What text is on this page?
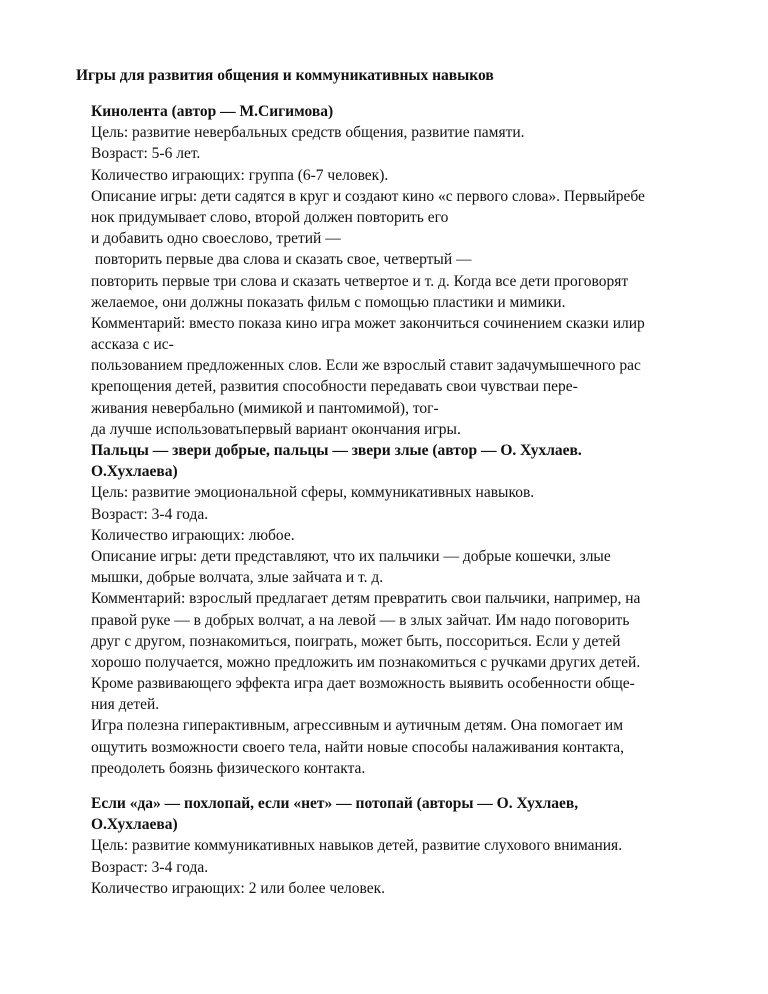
Игры для развития общения и коммуникативных навыков
Кинолента (автор — М.Сигимова)
Цель: развитие невербальных средств общения, развитие памяти.
Возраст: 5-6 лет.
Количество играющих: группа (6-7 человек).
Описание игры: дети садятся в круг и создают кино «с первого слова». Первыйребе
нок придумывает слово, второй должен повторить его
и добавить одно своеслово, третий —
повторить первые два слова и сказать свое, четвертый —
повторить первые три слова и сказать четвертое и т. д. Когда все дети проговорят
желаемое, они должны показать фильм с помощью пластики и мимики.
Комментарий: вместо показа кино игра может закончиться сочинением сказки илир
ассказа с ис-
пользованием предложенных слов. Если же взрослый ставит задачумышечного рас
крепощения детей, развития способности передавать свои чувстваи пере-
живания невербально (мимикой и пантомимой), тог-
да лучше использоватьпервый вариант окончания игры.
Пальцы — звери добрые, пальцы — звери злые (автор — О. Хухлаев.
О.Хухлаева)
Цель: развитие эмоциональной сферы, коммуникативных навыков.
Возраст: 3-4 года.
Количество играющих: любое.
Описание игры: дети представляют, что их пальчики — добрые кошечки, злые
мышки, добрые волчата, злые зайчата и т. д.
Комментарий: взрослый предлагает детям превратить свои пальчики, например, на
правой руке — в добрых волчат, а на левой — в злых зайчат. Им надо поговорить
друг с другом, познакомиться, поиграть, может быть, поссориться. Если у детей
хорошо получается, можно предложить им познакомиться с ручками других детей.
Кроме развивающего эффекта игра дает возможность выявить особенности обще-
ния детей.
Игра полезна гиперактивным, агрессивным и аутичным детям. Она помогает им
ощутить возможности своего тела, найти новые способы налаживания контакта,
преодолеть боязнь физического контакта.
Если «да» — похлопай, если «нет» — потопай (авторы — О. Хухлаев,
О.Хухлаева)
Цель: развитие коммуникативных навыков детей, развитие слухового внимания.
Возраст: 3-4 года.
Количество играющих: 2 или более человек.
